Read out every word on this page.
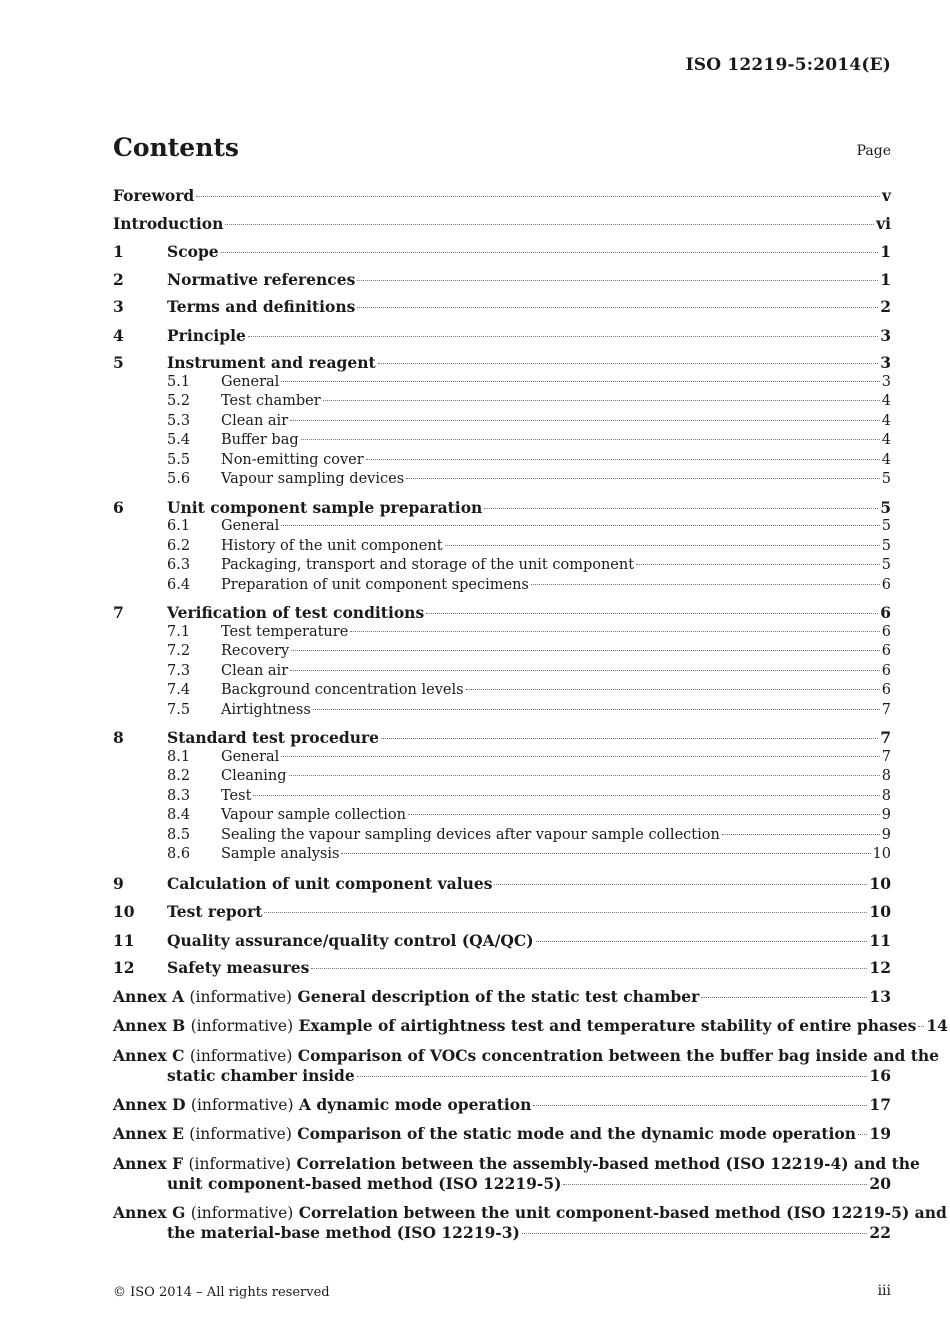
ISO 12219-5:2014(E)
Contents	Page
Foreword	v
Introduction	vi
1	Scope	1
2	Normative references	1
3	Terms and definitions	2
4	Principle	3
5	Instrument and reagent	3
5.1	General	3
5.2	Test chamber	4
5.3	Clean air	4
5.4	Buffer bag	4
5.5	Non-emitting cover	4
5.6	Vapour sampling devices	5
6	Unit component sample preparation	5
6.1	General	5
6.2	History of the unit component	5
6.3	Packaging, transport and storage of the unit component	5
6.4	Preparation of unit component specimens	6
7	Verification of test conditions	6
7.1	Test temperature	6
7.2	Recovery	6
7.3	Clean air	6
7.4	Background concentration levels	6
7.5	Airtightness	7
8	Standard test procedure	7
8.1	General	7
8.2	Cleaning	8
8.3	Test	8
8.4	Vapour sample collection	9
8.5	Sealing the vapour sampling devices after vapour sample collection	9
8.6	Sample analysis	10
9	Calculation of unit component values	10
10	Test report	10
11	Quality assurance/quality control (QA/QC)	11
12	Safety measures	12
Annex A (informative) General description of the static test chamber	13
Annex B (informative) Example of airtightness test and temperature stability of entire phases 14
Annex C (informative) Comparison of VOCs concentration between the buffer bag inside and the
static chamber inside	16
Annex D (informative) A dynamic mode operation	17
Annex E (informative) Comparison of the static mode and the dynamic mode operation 19
Annex F (informative) Correlation between the assembly-based method (ISO 12219-4) and the
unit component-based method (ISO 12219-5)	20
Annex G (informative) Correlation between the unit component-based method (ISO 12219-5) and
the material-base method (ISO 12219-3)	22
© ISO 2014 – All rights reserved	iii
